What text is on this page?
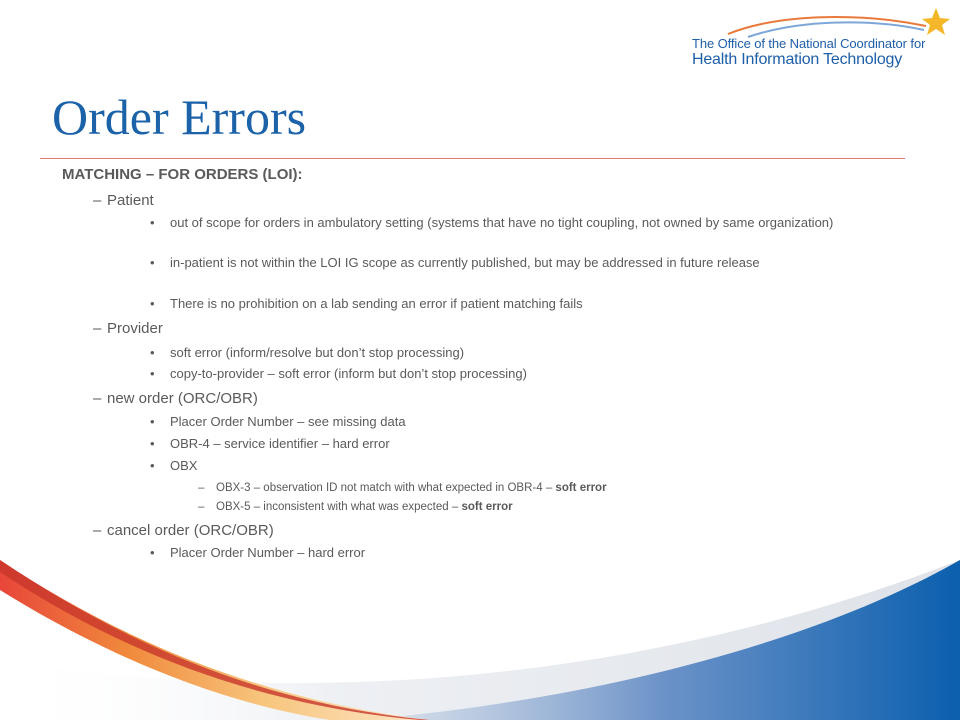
The Office of the National Coordinator for
Health Information Technology
Order Errors
MATCHING – FOR ORDERS (LOI):
– Patient
• out of scope for orders in ambulatory setting (systems that have no tight coupling, not owned by same organization)
• in-patient is not within the LOI IG scope as currently published, but may be addressed in future release
• There is no prohibition on a lab sending an error if patient matching fails
– Provider
• soft error (inform/resolve but don’t stop processing)
• copy-to-provider – soft error (inform but don’t stop processing)
– new order (ORC/OBR)
• Placer Order Number – see missing data
• OBR-4 – service identifier – hard error
• OBX
– OBX-3 – observation ID not match with what expected in OBR-4 – soft error
– OBX-5 – inconsistent with what was expected – soft error
– cancel order (ORC/OBR)
• Placer Order Number – hard error
